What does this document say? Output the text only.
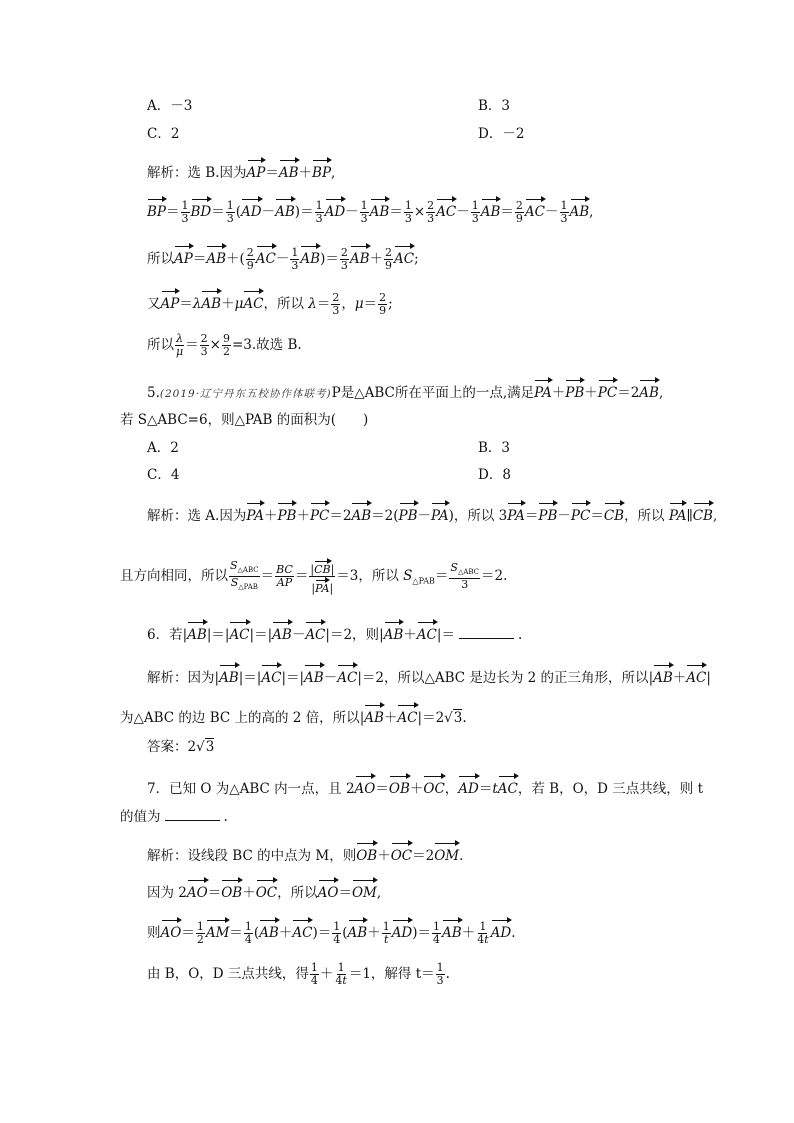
A．－3	B．3
C．2	D．－2
解析：选 B.因为AP＝AB＋BP,
$BP= \frac{1}{3} BD= \frac{1}{3} (AD-AB)= \frac{1}{3} AD- \frac{1}{3} AB= \frac{1}{3} \times \frac{2}{3} AC- \frac{1}{3} AB= \frac{2}{9} AC- \frac{1}{3}$ AB,
所以$AP=AB+( \frac{2}{9} AC- \frac{1}{3} AB)= \frac{2}{3} AB+ \frac{2}{9}$ AC;
又AP＝λAB＋μAC，所以 $\lambda= \frac{2}{3}$ ，$\mu= \frac{2}{9}$ ;
所以 $\frac{\lambda}{\mu} = \frac{2}{3} \times \frac{9}{2} =3$.故选 B.
5.(2019·辽宁丹东五校协作体联考)P是△ABC所在平面上的一点,满足PA＋PB＋PC＝2AB,
若 S△ABC=6，则△PAB 的面积为(　　)
A．2	B．3
C．4	D．8
解析：选 A.因为PA＋PB＋PC＝2AB＝2(PB－PA)，所以 3PA＝PB－PC＝CB，所以 PA∥CB,
且方向相同，所以 $\frac{S_{\triangle ABC}}{S_{\triangle PAB}} = \frac{BC}{AP} = \frac{|CB|}{|PA|} =3$，所以 $S_{\triangle PAB}= \frac{S_{\triangle ABC}}{3} =2$.
6．若|AB|＝|AC|＝|AB－AC|＝2，则|AB＋AC|＝	.
解析：因为|AB|＝|AC|＝|AB－AC|＝2，所以△ABC 是边长为 2 的正三角形，所以|AB＋AC|
为△ABC 的边 BC 上的高的 2 倍，所以|AB＋AC|＝2√3.
答案：2√3
7．已知 O 为△ABC 内一点，且 2AO＝OB＋OC，AD＝tAC，若 B，O，D 三点共线，则 t
的值为	.
解析：设线段 BC 的中点为 M，则OB＋OC＝2OM.
因为 2AO＝OB＋OC，所以AO＝OM,
则$AO= \frac{1}{2} AM= \frac{1}{4} (AB+AC)= \frac{1}{4} (AB+ \frac{1}{t} AD)= \frac{1}{4} AB+ \frac{1}{4t}$ AD.
由 B，O，D 三点共线，得 $\frac{1}{4} + \frac{1}{4t} =1$，解得 $t= \frac{1}{3}$ .
